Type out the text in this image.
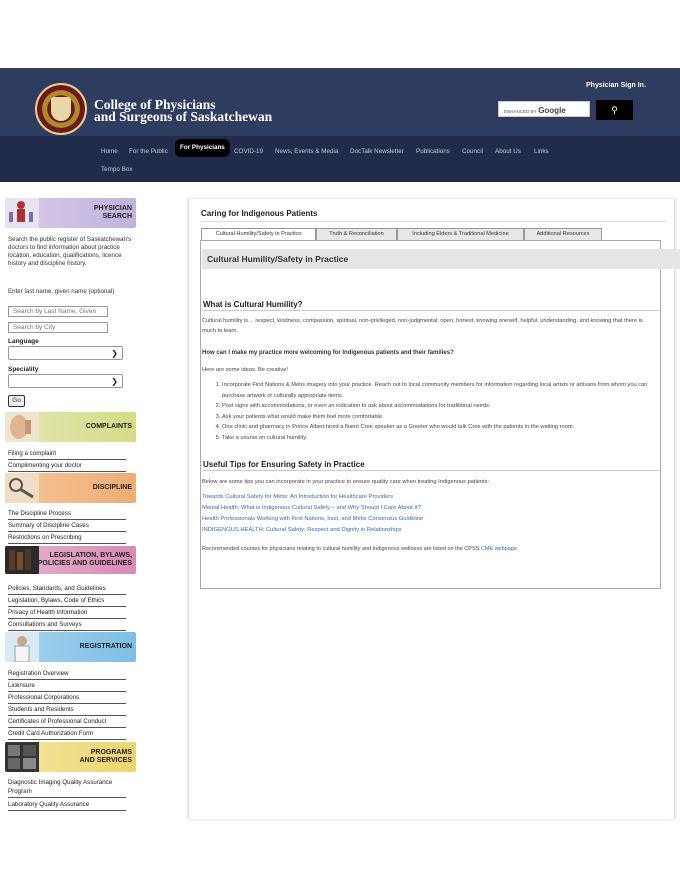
College of Physicians
and Surgeons of Saskatchewan
Physician Sign In.
ENHANCED BY Google	⚲
Home For the Public
For Physicians
COVID-19 News, Events & Media DocTalk Newsletter Publications Council About Us Links
Tempo Box
PHYSICIAN SEARCH
Search the public register of Saskatchewan's doctors to find information about practice location, education, qualifications, licence history and discipline history.
Enter last name, given name (optional)
Search by Last Name, Given
Search by City
Language
❯
Speciality
❯
Go
COMPLAINTS
Filing a complaint
Complimenting your doctor
DISCIPLINE
The Discipline Process
Summary of Discipline Cases
Restrictions on Prescribing
LEGISLATION, BYLAWS,
POLICIES AND GUIDELINES
Policies, Standards, and Guidelines
Legislation, Bylaws, Code of Ethics
Privacy of Health Information
Consultations and Surveys
REGISTRATION
Registration Overview
Licensure
Professional Corporations
Students and Residents
Certificates of Professional Conduct
Credit Card Authorization Form
PROGRAMS
AND SERVICES
Diagnostic Imaging Quality Assurance Program
Laboratory Quality Assurance
Caring for Indigenous Patients
Cultural Humility/Safety in Practice	Truth & Reconciliation	Including Elders & Traditional Medicine	Additional Resources
Cultural Humility/Safety in Practice
What is Cultural Humility?
Cultural humility is… respect, kindness, compassion, spiritual, non-privileged, non-judgmental, open, honest, knowing oneself, helpful, understanding, and knowing that there is much to learn.
How can I make my practice more welcoming for Indigenous patients and their families?
Here are some ideas. Be creative!
1. Incorporate First Nations & Métis imagery into your practice. Reach out to local community members for information regarding local artists or artisans from whom you can purchase artwork or culturally appropriate items.
2. Post signs with accommodations, or even an indication to ask about accommodations for traditional needs.
3. Ask your patients what would make them feel more comfortable.
4. One clinic and pharmacy in Prince Albert hired a fluent Cree speaker as a Greeter who would talk Cree with the patients in the waiting room.
5. Take a course on cultural humility.
Useful Tips for Ensuring Safety in Practice
Below are some tips you can incorporate in your practice to ensure quality care when treating Indigenous patients:
Towards Cultural Safety for Métis: An Introduction for Healthcare Providers
Mental Health: What is Indigenous Cultural Safety – and Why Should I Care About It?
Health Professionals Working with First Nations, Inuit, and Métis Consensus Guideline
INDIGENOUS HEALTH: Cultural Safety; Respect and Dignity in Relationships
Recommended courses for physicians relating to cultural humility and Indigenous wellness are listed on the CPSS CME webpage.
